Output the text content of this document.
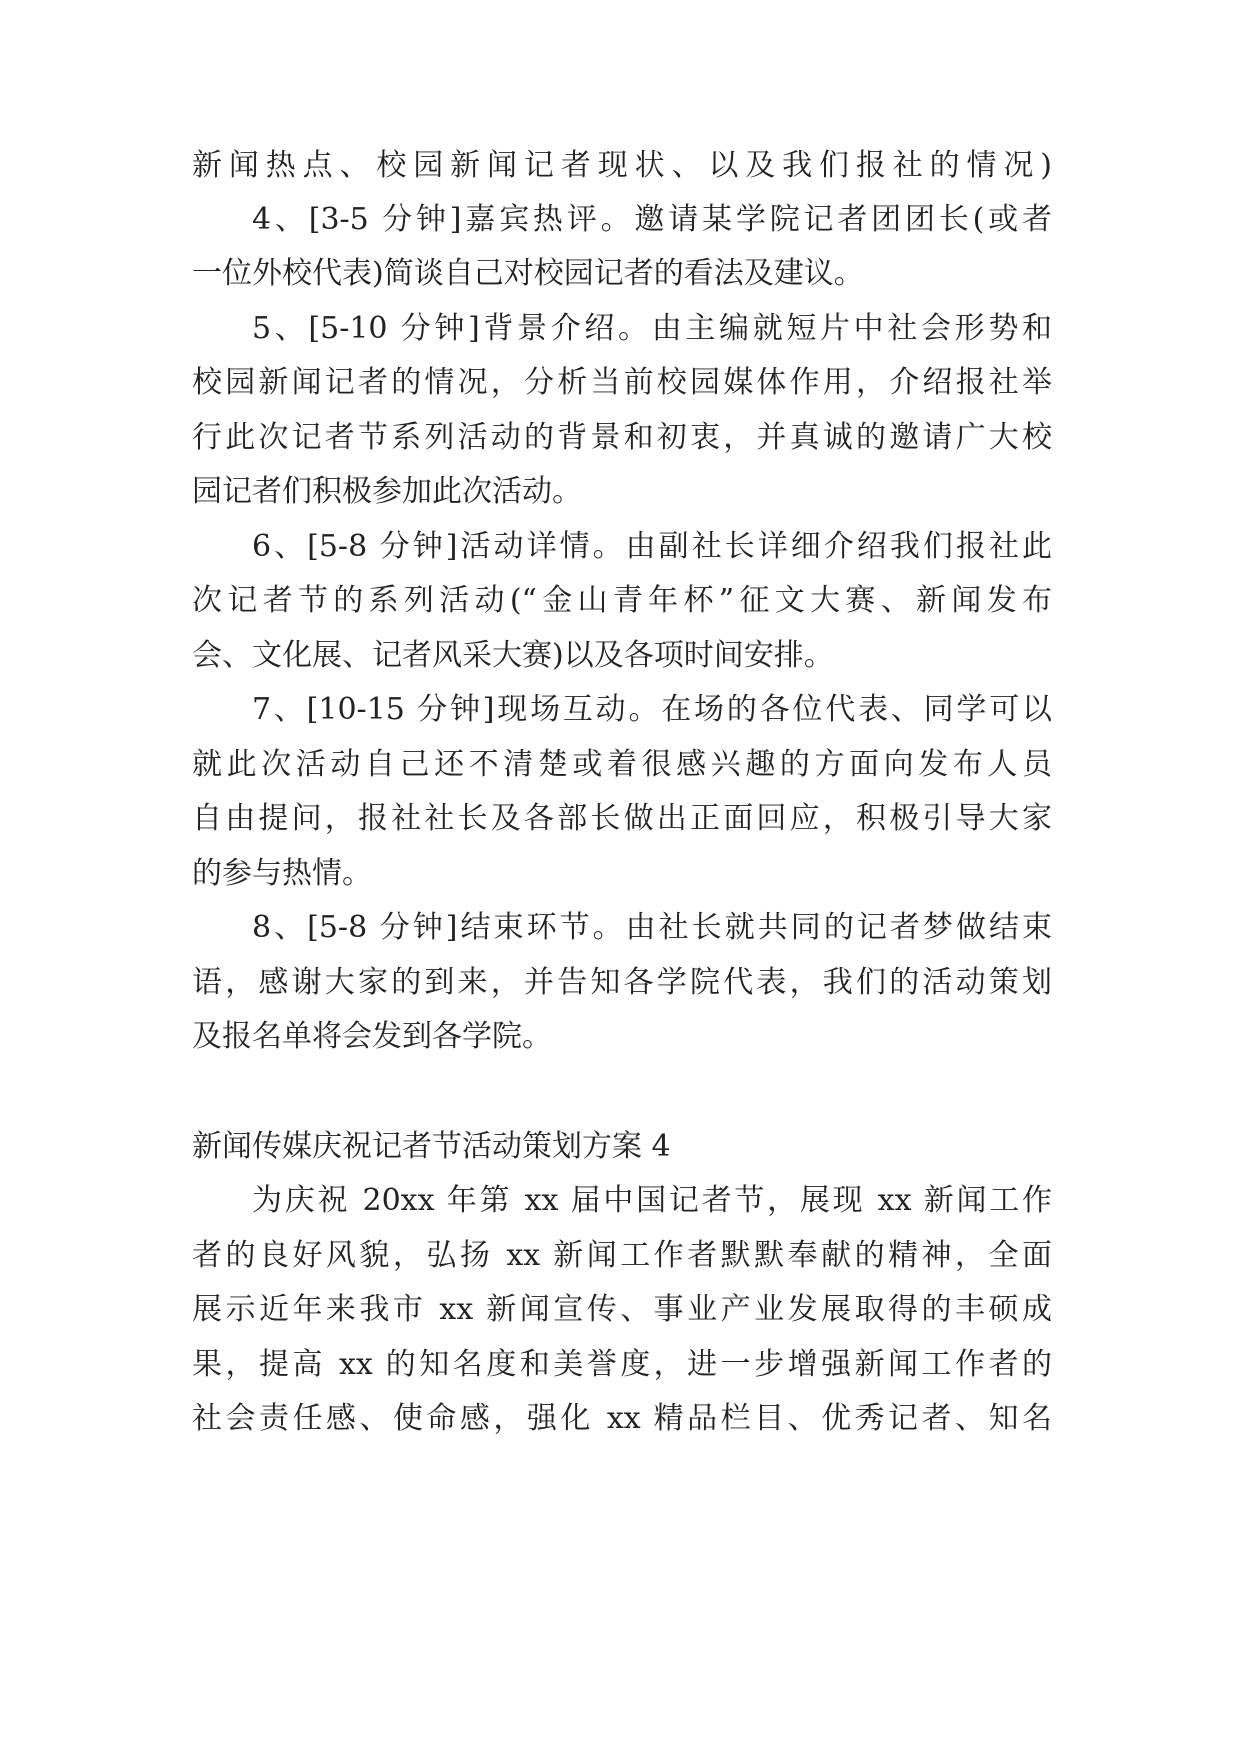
新闻热点、校园新闻记者现状、以及我们报社的情况)
4、[3-5 分钟]嘉宾热评。邀请某学院记者团团长(或者
一位外校代表)简谈自己对校园记者的看法及建议。
5、[5-10 分钟]背景介绍。由主编就短片中社会形势和
校园新闻记者的情况，分析当前校园媒体作用，介绍报社举
行此次记者节系列活动的背景和初衷，并真诚的邀请广大校
园记者们积极参加此次活动。
6、[5-8 分钟]活动详情。由副社长详细介绍我们报社此
次记者节的系列活动(“金山青年杯”征文大赛、新闻发布
会、文化展、记者风采大赛)以及各项时间安排。
7、[10-15 分钟]现场互动。在场的各位代表、同学可以
就此次活动自己还不清楚或着很感兴趣的方面向发布人员
自由提问，报社社长及各部长做出正面回应，积极引导大家
的参与热情。
8、[5-8 分钟]结束环节。由社长就共同的记者梦做结束
语，感谢大家的到来，并告知各学院代表，我们的活动策划
及报名单将会发到各学院。
新闻传媒庆祝记者节活动策划方案 4
为庆祝 20xx 年第 xx 届中国记者节，展现 xx 新闻工作
者的良好风貌，弘扬 xx 新闻工作者默默奉献的精神，全面
展示近年来我市 xx 新闻宣传、事业产业发展取得的丰硕成
果，提高 xx 的知名度和美誉度，进一步增强新闻工作者的
社会责任感、使命感，强化 xx 精品栏目、优秀记者、知名
